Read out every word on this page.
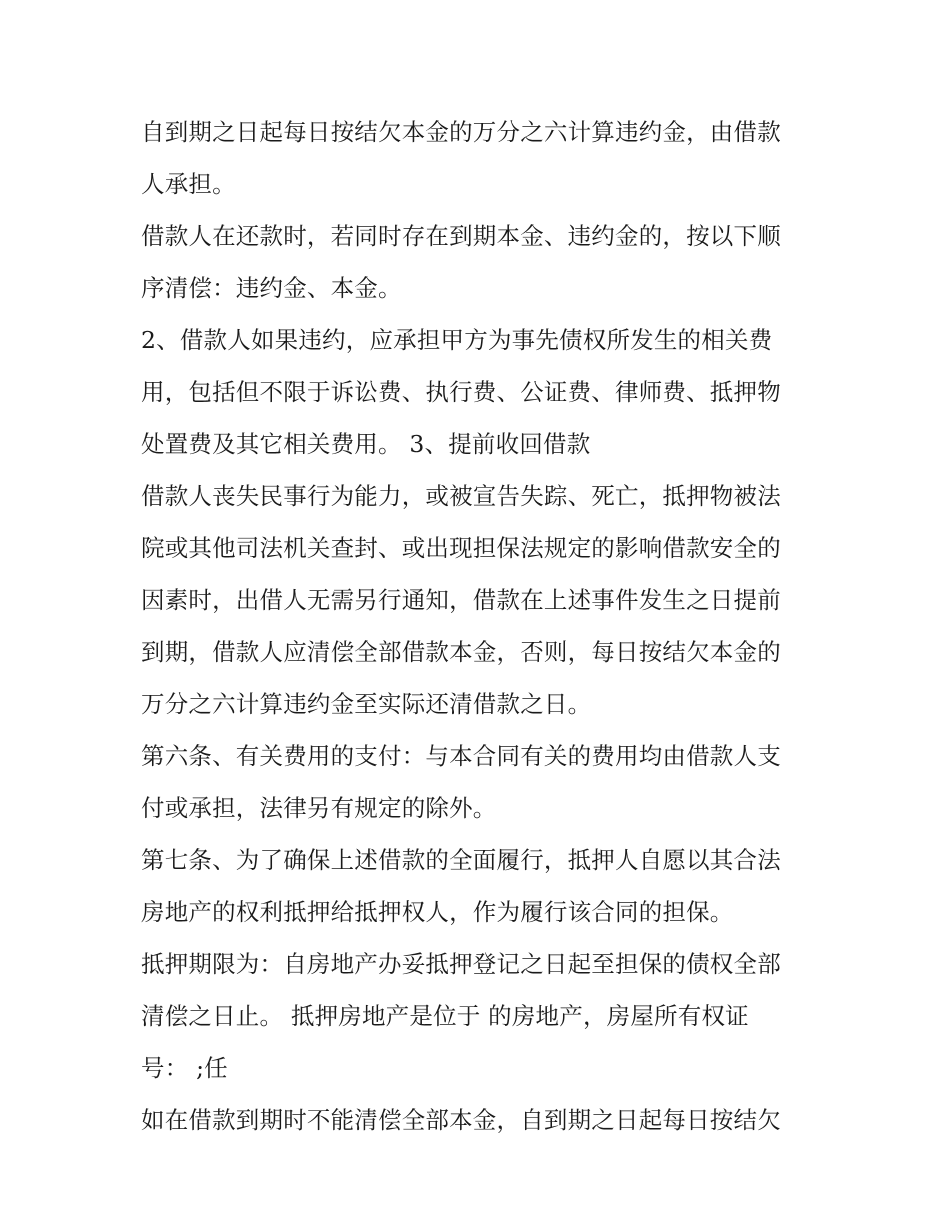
自到期之日起每日按结欠本金的万分之六计算违约金，由借款
人承担。
借款人在还款时，若同时存在到期本金、违约金的，按以下顺
序清偿：违约金、本金。
2、借款人如果违约，应承担甲方为事先债权所发生的相关费
用，包括但不限于诉讼费、执行费、公证费、律师费、抵押物
处置费及其它相关费用。 3、提前收回借款
借款人丧失民事行为能力，或被宣告失踪、死亡，抵押物被法
院或其他司法机关查封、或出现担保法规定的影响借款安全的
因素时，出借人无需另行通知，借款在上述事件发生之日提前
到期，借款人应清偿全部借款本金，否则，每日按结欠本金的
万分之六计算违约金至实际还清借款之日。
第六条、有关费用的支付：与本合同有关的费用均由借款人支
付或承担，法律另有规定的除外。
第七条、为了确保上述借款的全面履行，抵押人自愿以其合法
房地产的权利抵押给抵押权人，作为履行该合同的担保。
抵押期限为：自房地产办妥抵押登记之日起至担保的债权全部
清偿之日止。 抵押房地产是位于 的房地产，房屋所有权证
号： ;任
如在借款到期时不能清偿全部本金，自到期之日起每日按结欠
